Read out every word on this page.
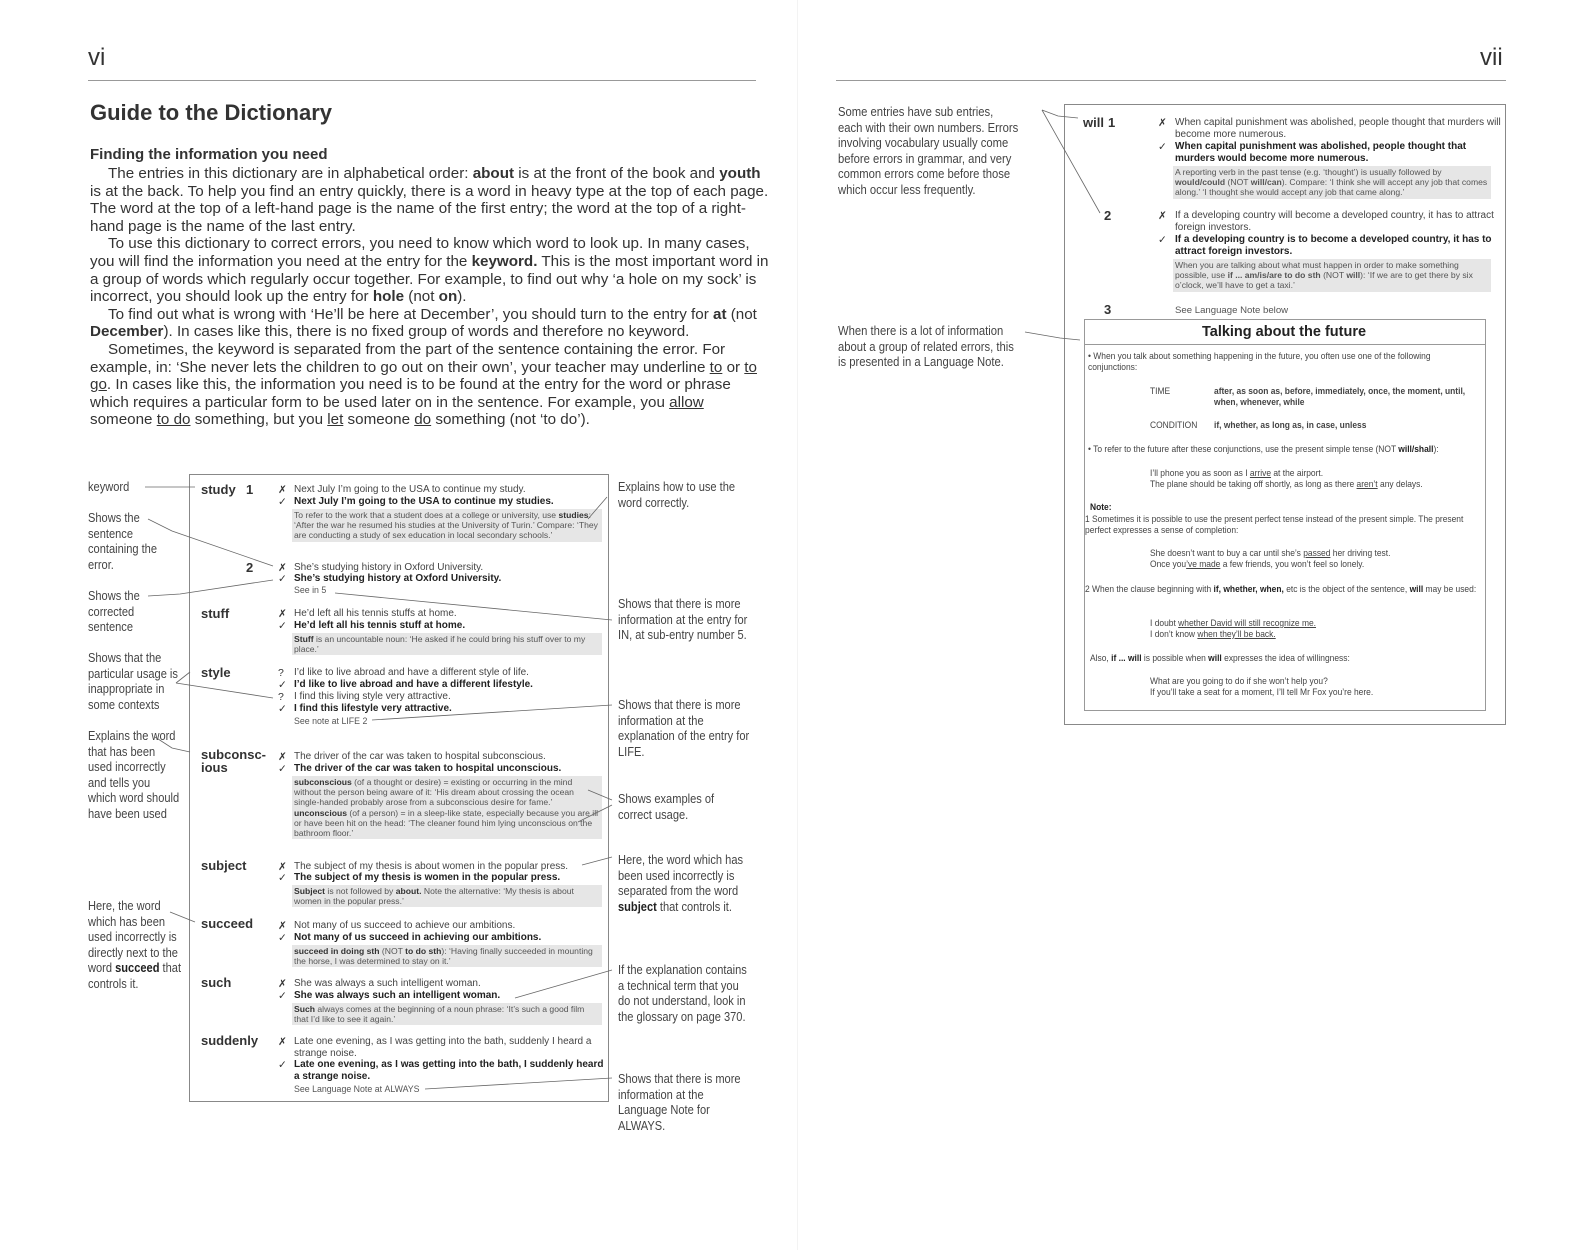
vi
Guide to the Dictionary
Finding the information you need

The entries in this dictionary are in alphabetical order: about is at the front of the book and youth is at the back. To help you find an entry quickly, there is a word in heavy type at the top of each page. The word at the top of a left-hand page is the name of the first entry; the word at the top of a right-hand page is the name of the last entry.

To use this dictionary to correct errors, you need to know which word to look up. In many cases, you will find the information you need at the entry for the keyword. This is the most important word in a group of words which regularly occur together. For example, to find out why ‘a hole on my sock’ is incorrect, you should look up the entry for hole (not on).

To find out what is wrong with ‘He’ll be here at December’, you should turn to the entry for at (not December). In cases like this, there is no fixed group of words and therefore no keyword.

Sometimes, the keyword is separated from the part of the sentence containing the error. For example, in: ‘She never lets the children to go out on their own’, your teacher may underline to or to go. In cases like this, the information you need is to be found at the entry for the word or phrase which requires a particular form to be used later on in the sentence. For example, you allow someone to do something, but you let someone do something (not ‘to do’).

keyword
Shows the sentence containing the error.
Shows the corrected sentence
Shows that the particular usage is inappropriate in some contexts
Explains the word that has been used incorrectly and tells you which word should have been used
Here, the word which has been used incorrectly is directly next to the word succeed that controls it.
study 1 ✗ Next July I’m going to the USA to continue my study.
✓ Next July I’m going to the USA to continue my studies.
To refer to the work that a student does at a college or university, use studies: ‘After the war he resumed his studies at the University of Turin.’ Compare: ‘They are conducting a study of sex education in local secondary schools.’
2 ✗ She’s studying history in Oxford University.
✓ She’s studying history at Oxford University.
See in 5
stuff	✗ He’d left all his tennis stuffs at home.
✓ He’d left all his tennis stuff at home.
Stuff is an uncountable noun: ‘He asked if he could bring his stuff over to my place.’
style	? I’d like to live abroad and have a different style of life.
✓ I’d like to live abroad and have a different lifestyle.
? I find this living style very attractive.
✓ I find this lifestyle very attractive.
See note at LIFE 2
subconsc-
ious
✗ The driver of the car was taken to hospital subconscious.
✓ The driver of the car was taken to hospital unconscious.
subconscious (of a thought or desire) = existing or occurring in the mind without the person being aware of it: ‘His dream about crossing the ocean single-handed probably arose from a subconscious desire for fame.’
unconscious (of a person) = in a sleep-like state, especially because you are ill or have been hit on the head: ‘The cleaner found him lying unconscious on the bathroom floor.’
subject	✗ The subject of my thesis is about women in the popular press.
✓ The subject of my thesis is women in the popular press.
Subject is not followed by about. Note the alternative: ‘My thesis is about women in the popular press.’
succeed ✗ Not many of us succeed to achieve our ambitions.
✓ Not many of us succeed in achieving our ambitions.
succeed in doing sth (NOT to do sth): ‘Having finally succeeded in mounting the horse, I was determined to stay on it.’
such	✗ She was always a such intelligent woman.
✓ She was always such an intelligent woman.
Such always comes at the beginning of a noun phrase: ‘It’s such a good film that I’d like to see it again.’
suddenly ✗ Late one evening, as I was getting into the bath, suddenly I heard a strange noise.
✓ Late one evening, as I was getting into the bath, I suddenly heard a strange noise.
See Language Note at ALWAYS
Explains how to use the word correctly.
Shows that there is more information at the entry for IN, at sub-entry number 5.
Shows that there is more information at the explanation of the entry for LIFE.
Shows examples of correct usage.
Here, the word which has been used incorrectly is separated from the word subject that controls it.
If the explanation contains a technical term that you do not understand, look in the glossary on page 370.
Shows that there is more information at the Language Note for ALWAYS.
vii
Some entries have sub entries, each with their own numbers. Errors involving vocabulary usually come before errors in grammar, and very common errors come before those which occur less frequently.
When there is a lot of information about a group of related errors, this is presented in a Language Note.
will 1	✗ When capital punishment was abolished, people thought that murders will become more numerous.
✓ When capital punishment was abolished, people thought that murders would become more numerous.
A reporting verb in the past tense (e.g. ‘thought’) is usually followed by would/could (NOT will/can). Compare: ‘I think she will accept any job that comes along.’ ‘I thought she would accept any job that came along.’
2	✗ If a developing country will become a developed country, it has to attract foreign investors.
✓ If a developing country is to become a developed country, it has to attract foreign investors.
When you are talking about what must happen in order to make something possible, use if ... am/is/are to do sth (NOT will): ‘If we are to get there by six o’clock, we’ll have to get a taxi.’
3	See Language Note below
Talking about the future
• When you talk about something happening in the future, you often use one of the following conjunctions:
TIME	after, as soon as, before, immediately, once, the moment, until, when, whenever, while
CONDITION if, whether, as long as, in case, unless
• To refer to the future after these conjunctions, use the present simple tense (NOT will/shall):
I’ll phone you as soon as I arrive at the airport.
The plane should be taking off shortly, as long as there aren’t any delays.
Note:
1 Sometimes it is possible to use the present perfect tense instead of the present simple. The present perfect expresses a sense of completion:
She doesn’t want to buy a car until she’s passed her driving test.
Once you’ve made a few friends, you won’t feel so lonely.
2 When the clause beginning with if, whether, when, etc is the object of the sentence, will may be used:
I doubt whether David will still recognize me.
I don’t know when they’ll be back.
Also, if ... will is possible when will expresses the idea of willingness:
What are you going to do if she won’t help you?
If you’ll take a seat for a moment, I’ll tell Mr Fox you’re here.
